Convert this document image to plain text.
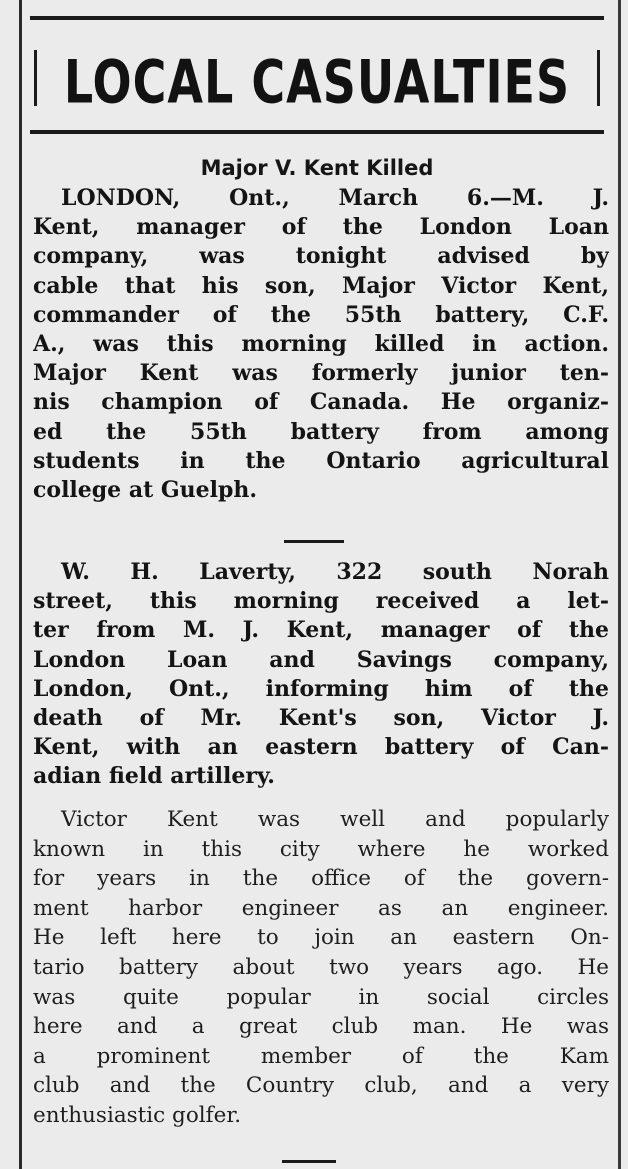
LOCAL CASUALTIES
Major V. Kent Killed
LONDON, Ont., March 6.—M. J.
Kent, manager of the London Loan
company, was tonight advised by
cable that his son, Major Victor Kent,
commander of the 55th battery, C.F.
A., was this morning killed in action.
Major Kent was formerly junior ten-
nis champion of Canada. He organiz-
ed the 55th battery from among
students in the Ontario agricultural
college at Guelph.
W. H. Laverty, 322 south Norah
street, this morning received a let-
ter from M. J. Kent, manager of the
London Loan and Savings company,
London, Ont., informing him of the
death of Mr. Kent's son, Victor J.
Kent, with an eastern battery of Can-
adian field artillery.
Victor Kent was well and popularly
known in this city where he worked
for years in the office of the govern-
ment harbor engineer as an engineer.
He left here to join an eastern On-
tario battery about two years ago. He
was quite popular in social circles
here and a great club man. He was
a prominent member of the Kam
club and the Country club, and a very
enthusiastic golfer.
